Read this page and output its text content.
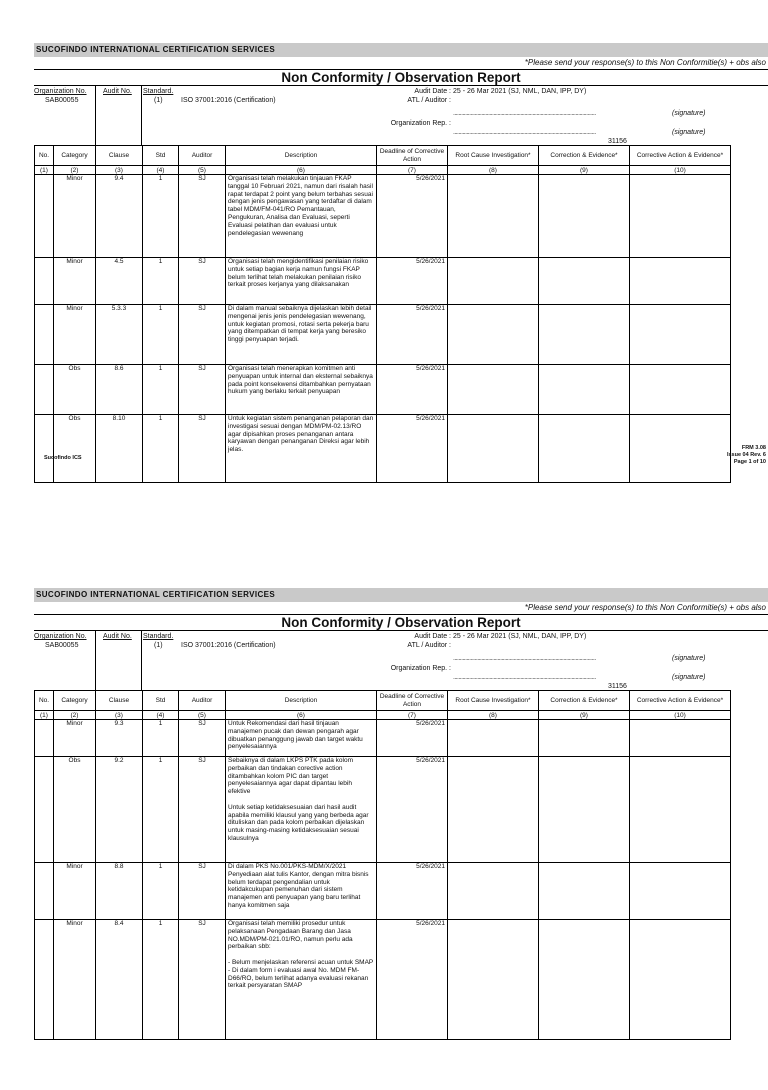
SUCOFINDO INTERNATIONAL CERTIFICATION SERVICES
*Please send your response(s) to this Non Conformitie(s) + obs also
Non Conformity / Observation Report
Organization No.
SAB00055
Audit No. Standard.
(1)	ISO 37001:2016 (Certification)
Audit Date : 25 - 26 Mar 2021 (SJ, NML, DAN, IPP, DY)
ATL / Auditor :
..........................................................................................................	(signature)
Organization Rep. :
..........................................................................................................	(signature)
31156
No.	Category	Clause	Std	Auditor	Description	Deadline of Corrective Action	Root Cause Investigation*	Correction & Evidence*	Corrective Action & Evidence*
(1)	(2)	(3)	(4)	(5)	(6)	(7)	(8)	(9)	(10)
	Minor	9.4	1	SJ	Organisasi telah melakukan tinjauan FKAP tanggal 10 Februari 2021, namun dari risalah hasil rapat terdapat 2 point yang belum terbahas sesuai dengan jenis pengawasan yang terdaftar di dalam tabel MDM/FM-041/RO Pemantauan, Pengukuran, Analisa dan Evaluasi, seperti Evaluasi pelatihan dan evaluasi untuk pendelegasian wewenang	5/26/2021			
	Minor	4.5	1	SJ	Organisasi telah mengidentifikasi penilaian risiko untuk setiap bagian kerja namun fungsi FKAP belum terlihat telah melakukan penilaian risiko terkait proses kerjanya yang dilaksanakan	5/26/2021			
	Minor	5.3.3	1	SJ	Di dalam manual sebaiknya dijelaskan lebih detail mengenai jenis jenis pendelegasian wewenang, untuk kegiatan promosi, rotasi serta pekerja baru yang ditempatkan di tempat kerja yang beresiko tinggi penyuapan terjadi.	5/26/2021			
	Obs	8.6	1	SJ	Organisasi telah menerapkan komitmen anti penyuapan untuk internal dan eksternal sebaiknya pada point konsekwensi ditambahkan pernyataan hukum yang berlaku terkait penyuapan	5/26/2021			
	Obs	8.10	1	SJ	Untuk kegiatan sistem penanganan pelaporan dan investigasi sesuai dengan MDM/PM-02.13/RO agar dipisahkan proses penanganan antara karyawan dengan penanganan Direksi agar lebih jelas.	5/26/2021			
Sucofindo ICS
FRM 3.08
Issue 04 Rev. 6
Page 1 of 10
SUCOFINDO INTERNATIONAL CERTIFICATION SERVICES
*Please send your response(s) to this Non Conformitie(s) + obs also
Non Conformity / Observation Report
Organization No.
SAB00055
Audit No. Standard.
(1)	ISO 37001:2016 (Certification)
Audit Date : 25 - 26 Mar 2021 (SJ, NML, DAN, IPP, DY)
ATL / Auditor :
..........................................................................................................	(signature)
Organization Rep. :
..........................................................................................................	(signature)
31156
No.	Category	Clause	Std	Auditor	Description	Deadline of Corrective Action	Root Cause Investigation*	Correction & Evidence*	Corrective Action & Evidence*
(1)	(2)	(3)	(4)	(5)	(6)	(7)	(8)	(9)	(10)
	Minor	9.3	1	SJ	Untuk Rekomendasi dari hasil tinjauan manajemen pucak dan dewan pengarah agar dibuatkan penanggung jawab dan target waktu penyelesaiannya	5/26/2021			
	Obs	9.2	1	SJ	Sebaiknya di dalam LKPS PTK pada kolom perbaikan dan tindakan corective action ditambahkan kolom PIC dan target penyelesaiannya agar dapat dipantau lebih efektive

Untuk setiap ketidaksesuaian dari hasil audit apabila memiliki klausul yang yang berbeda agar dituliskan dan pada kolom perbaikan dijelaskan untuk masing-masing ketidaksesuaian sesuai klausulnya	5/26/2021			
	Minor	8.8	1	SJ	Di dalam PKS No.001/PKS-MDM/X/2021 Penyediaan alat tulis Kantor, dengan mitra bisnis belum terdapat pengendalian untuk ketidakcukupan pemenuhan dari sistem manajemen anti penyuapan yang baru terlihat hanya komitmen saja	5/26/2021			
	Minor	8.4	1	SJ	Organisasi telah memiliki prosedur untuk pelaksanaan Pengadaan Barang dan Jasa NO.MDM/PM-021.01/RO, namun perlu ada perbaikan sbb:

- Belum menjelaskan referensi acuan untuk SMAP
- Di dalam form i evaluasi awal No. MDM FM-D66/RO, belum terlihat adanya evaluasi rekanan terkait persyaratan SMAP	5/26/2021			
